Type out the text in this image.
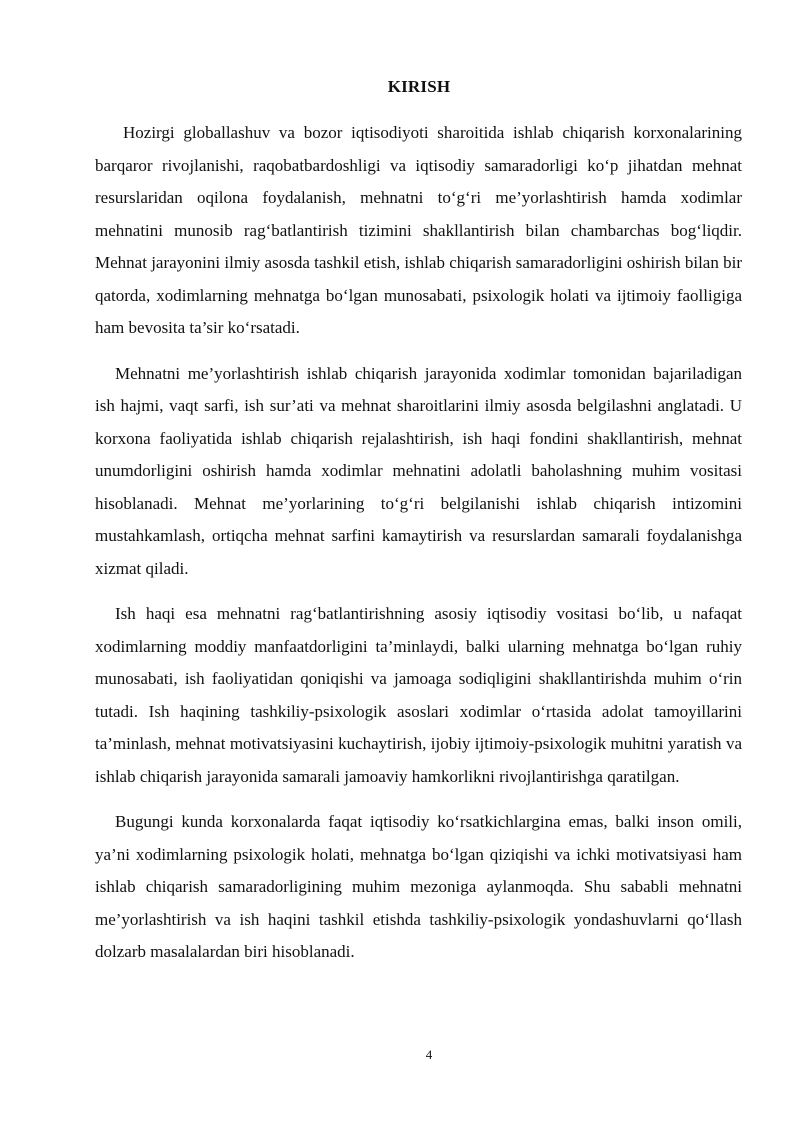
KIRISH

Hozirgi globallashuv va bozor iqtisodiyoti sharoitida ishlab chiqarish korxonalarining barqaror rivojlanishi, raqobatbardoshligi va iqtisodiy samaradorligi ko‘p jihatdan mehnat resurslaridan oqilona foydalanish, mehnatni to‘g‘ri me’yorlashtirish hamda xodimlar mehnatini munosib rag‘batlantirish tizimini shakllantirish bilan chambarchas bog‘liqdir. Mehnat jarayonini ilmiy asosda tashkil etish, ishlab chiqarish samaradorligini oshirish bilan bir qatorda, xodimlarning mehnatga bo‘lgan munosabati, psixologik holati va ijtimoiy faolligiga ham bevosita ta’sir ko‘rsatadi.

Mehnatni me’yorlashtirish ishlab chiqarish jarayonida xodimlar tomonidan bajariladigan ish hajmi, vaqt sarfi, ish sur’ati va mehnat sharoitlarini ilmiy asosda belgilashni anglatadi. U korxona faoliyatida ishlab chiqarish rejalashtirish, ish haqi fondini shakllantirish, mehnat unumdorligini oshirish hamda xodimlar mehnatini adolatli baholashning muhim vositasi hisoblanadi. Mehnat me’yorlarining to‘g‘ri belgilanishi ishlab chiqarish intizomini mustahkamlash, ortiqcha mehnat sarfini kamaytirish va resurslardan samarali foydalanishga xizmat qiladi.

Ish haqi esa mehnatni rag‘batlantirishning asosiy iqtisodiy vositasi bo‘lib, u nafaqat xodimlarning moddiy manfaatdorligini ta’minlaydi, balki ularning mehnatga bo‘lgan ruhiy munosabati, ish faoliyatidan qoniqishi va jamoaga sodiqligini shakllantirishda muhim o‘rin tutadi. Ish haqining tashkiliy-psixologik asoslari xodimlar o‘rtasida adolat tamoyillarini ta’minlash, mehnat motivatsiyasini kuchaytirish, ijobiy ijtimoiy-psixologik muhitni yaratish va ishlab chiqarish jarayonida samarali jamoaviy hamkorlikni rivojlantirishga qaratilgan.

Bugungi kunda korxonalarda faqat iqtisodiy ko‘rsatkichlargina emas, balki inson omili, ya’ni xodimlarning psixologik holati, mehnatga bo‘lgan qiziqishi va ichki motivatsiyasi ham ishlab chiqarish samaradorligining muhim mezoniga aylanmoqda. Shu sababli mehnatni me’yorlashtirish va ish haqini tashkil etishda tashkiliy-psixologik yondashuvlarni qo‘llash dolzarb masalalardan biri hisoblanadi.

4
